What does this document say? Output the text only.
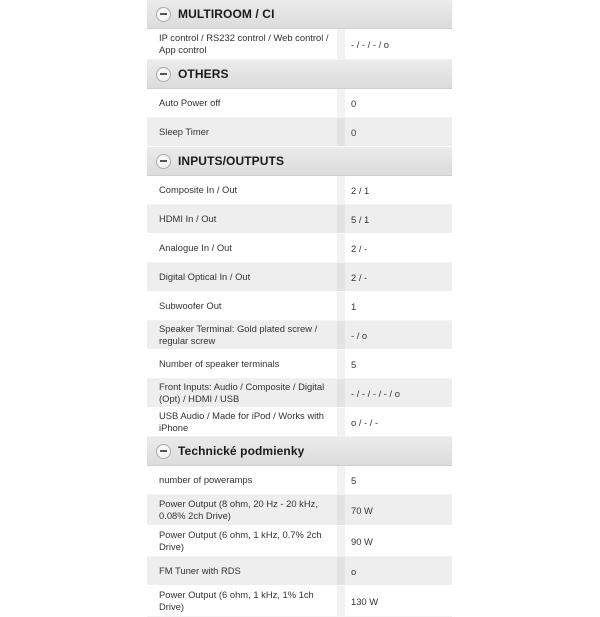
MULTIROOM / CI
IP control / RS232 control / Web control / App control	- / - / - / o
OTHERS
Auto Power off	0
Sleep Timer	0
INPUTS/OUTPUTS
Composite In / Out	2 / 1
HDMI In / Out	5 / 1
Analogue In / Out	2 / -
Digital Optical In / Out	2 / -
Subwoofer Out	1
Speaker Terminal: Gold plated screw / regular screw	- / o
Number of speaker terminals	5
Front Inputs: Audio / Composite / Digital (Opt) / HDMI / USB	- / - / - / - / o
USB Audio / Made for iPod / Works with iPhone	o / - / -
Technické podmienky
number of poweramps	5
Power Output (8 ohm, 20 Hz - 20 kHz, 0.08% 2ch Drive)	70 W
Power Output (6 ohm, 1 kHz, 0.7% 2ch Drive)	90 W
FM Tuner with RDS	o
Power Output (6 ohm, 1 kHz, 1% 1ch Drive)	130 W
